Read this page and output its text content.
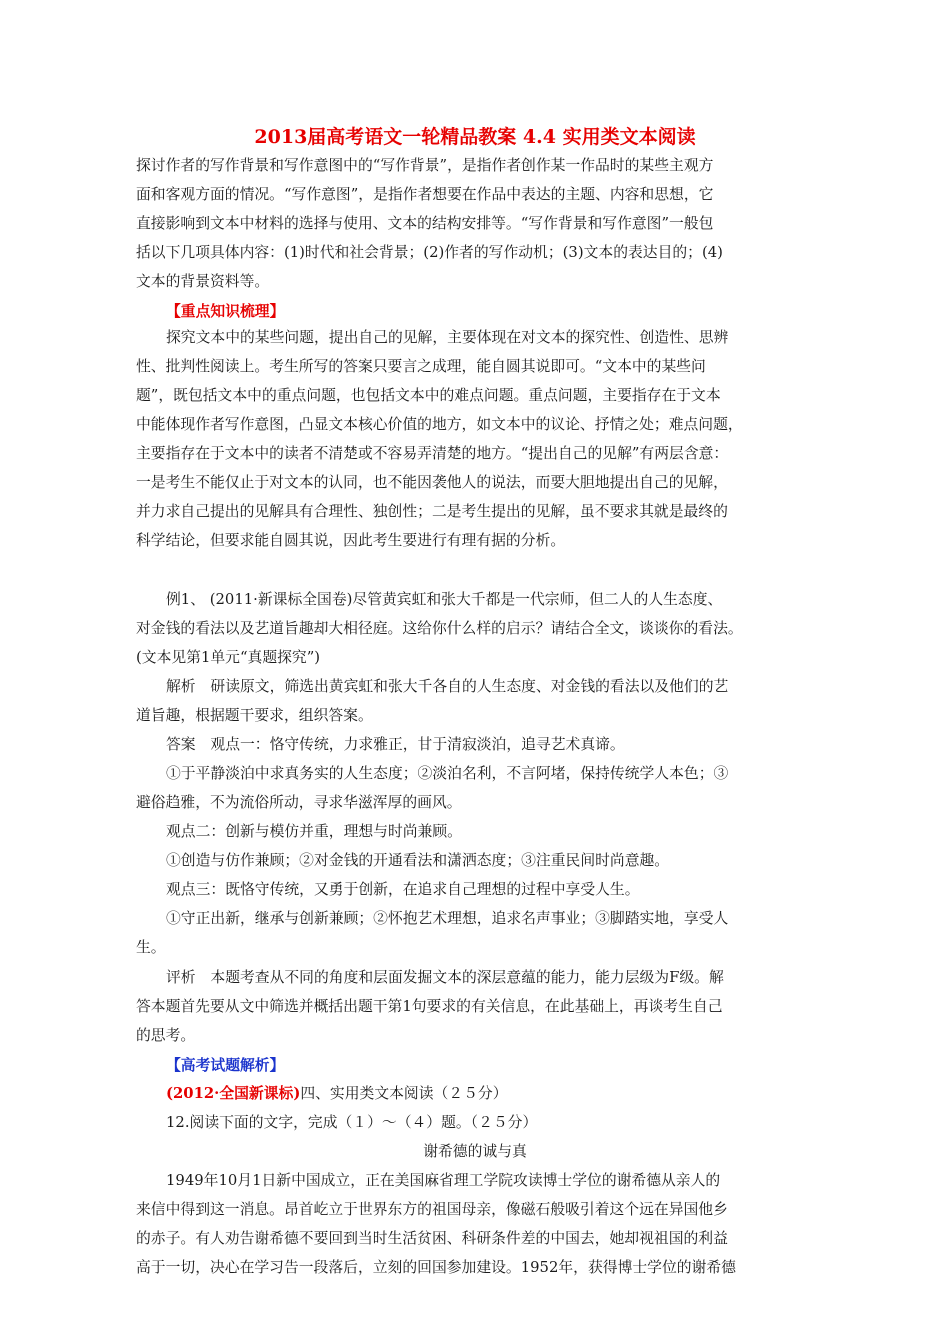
2013届高考语文一轮精品教案 4.4 实用类文本阅读
探讨作者的写作背景和写作意图中的“写作背景”，是指作者创作某一作品时的某些主观方
面和客观方面的情况。“写作意图”，是指作者想要在作品中表达的主题、内容和思想，它
直接影响到文本中材料的选择与使用、文本的结构安排等。“写作背景和写作意图”一般包
括以下几项具体内容：(1)时代和社会背景；(2)作者的写作动机；(3)文本的表达目的；(4)
文本的背景资料等。
【重点知识梳理】
探究文本中的某些问题，提出自己的见解，主要体现在对文本的探究性、创造性、思辨
性、批判性阅读上。考生所写的答案只要言之成理，能自圆其说即可。“文本中的某些问
题”，既包括文本中的重点问题，也包括文本中的难点问题。重点问题，主要指存在于文本
中能体现作者写作意图，凸显文本核心价值的地方，如文本中的议论、抒情之处；难点问题，
主要指存在于文本中的读者不清楚或不容易弄清楚的地方。“提出自己的见解”有两层含意：
一是考生不能仅止于对文本的认同，也不能因袭他人的说法，而要大胆地提出自己的见解，
并力求自己提出的见解具有合理性、独创性；二是考生提出的见解，虽不要求其就是最终的
科学结论，但要求能自圆其说，因此考生要进行有理有据的分析。
例1、 (2011·新课标全国卷)尽管黄宾虹和张大千都是一代宗师，但二人的人生态度、
对金钱的看法以及艺道旨趣却大相径庭。这给你什么样的启示？请结合全文，谈谈你的看法。
(文本见第1单元“真题探究”)
解析　研读原文，筛选出黄宾虹和张大千各自的人生态度、对金钱的看法以及他们的艺
道旨趣，根据题干要求，组织答案。
答案　观点一：恪守传统，力求雅正，甘于清寂淡泊，追寻艺术真谛。
①于平静淡泊中求真务实的人生态度；②淡泊名利，不言阿堵，保持传统学人本色；③
避俗趋雅，不为流俗所动，寻求华滋浑厚的画风。
观点二：创新与模仿并重，理想与时尚兼顾。
①创造与仿作兼顾；②对金钱的开通看法和潇洒态度；③注重民间时尚意趣。
观点三：既恪守传统，又勇于创新，在追求自己理想的过程中享受人生。
①守正出新，继承与创新兼顾；②怀抱艺术理想，追求名声事业；③脚踏实地，享受人
生。
评析　本题考查从不同的角度和层面发掘文本的深层意蕴的能力，能力层级为F级。解
答本题首先要从文中筛选并概括出题干第1句要求的有关信息，在此基础上，再谈考生自己
的思考。
【高考试题解析】
(2012·全国新课标)四、实用类文本阅读（２５分）
12.阅读下面的文字，完成（１）～（４）题。（２５分）
谢希德的诚与真
1949年10月1日新中国成立，正在美国麻省理工学院攻读博士学位的谢希德从亲人的
来信中得到这一消息。昂首屹立于世界东方的祖国母亲，像磁石般吸引着这个远在异国他乡
的赤子。有人劝告谢希德不要回到当时生活贫困、科研条件差的中国去，她却视祖国的利益
高于一切，决心在学习告一段落后，立刻的回国参加建设。1952年，获得博士学位的谢希德
